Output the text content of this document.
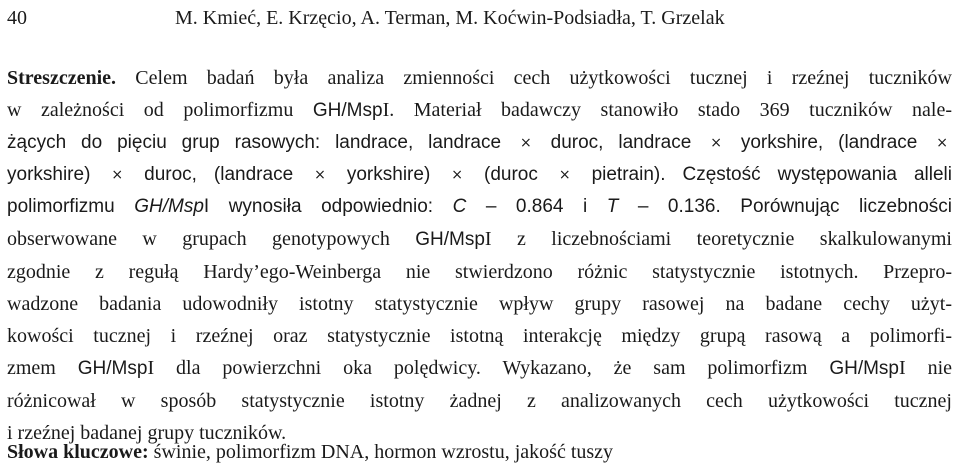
40	M. Kmieć, E. Krzęcio, A. Terman, M. Koćwin-Podsiadła, T. Grzelak
Streszczenie. Celem badań była analiza zmienności cech użytkowości tucznej i rzeźnej tuczników
w zależności od polimorfizmu GH/MspI. Materiał badawczy stanowiło stado 369 tuczników nale-
żących do pięciu grup rasowych: landrace, landrace × duroc, landrace × yorkshire, (landrace ×
yorkshire) × duroc, (landrace × yorkshire) × (duroc × pietrain). Częstość występowania alleli
polimorfizmu GH/MspI wynosiła odpowiednio: C – 0.864 i T – 0.136. Porównując liczebności
obserwowane w grupach genotypowych GH/MspI z liczebnościami teoretycznie skalkulowanymi
zgodnie z regułą Hardy’ego-Weinberga nie stwierdzono różnic statystycznie istotnych. Przepro-
wadzone badania udowodniły istotny statystycznie wpływ grupy rasowej na badane cechy użyt-
kowości tucznej i rzeźnej oraz statystycznie istotną interakcję między grupą rasową a polimorfi-
zmem GH/MspI dla powierzchni oka polędwicy. Wykazano, że sam polimorfizm GH/MspI nie
różnicował w sposób statystycznie istotny żadnej z analizowanych cech użytkowości tucznej
i rzeźnej badanej grupy tuczników.
Słowa kluczowe: świnie, polimorfizm DNA, hormon wzrostu, jakość tuszy
